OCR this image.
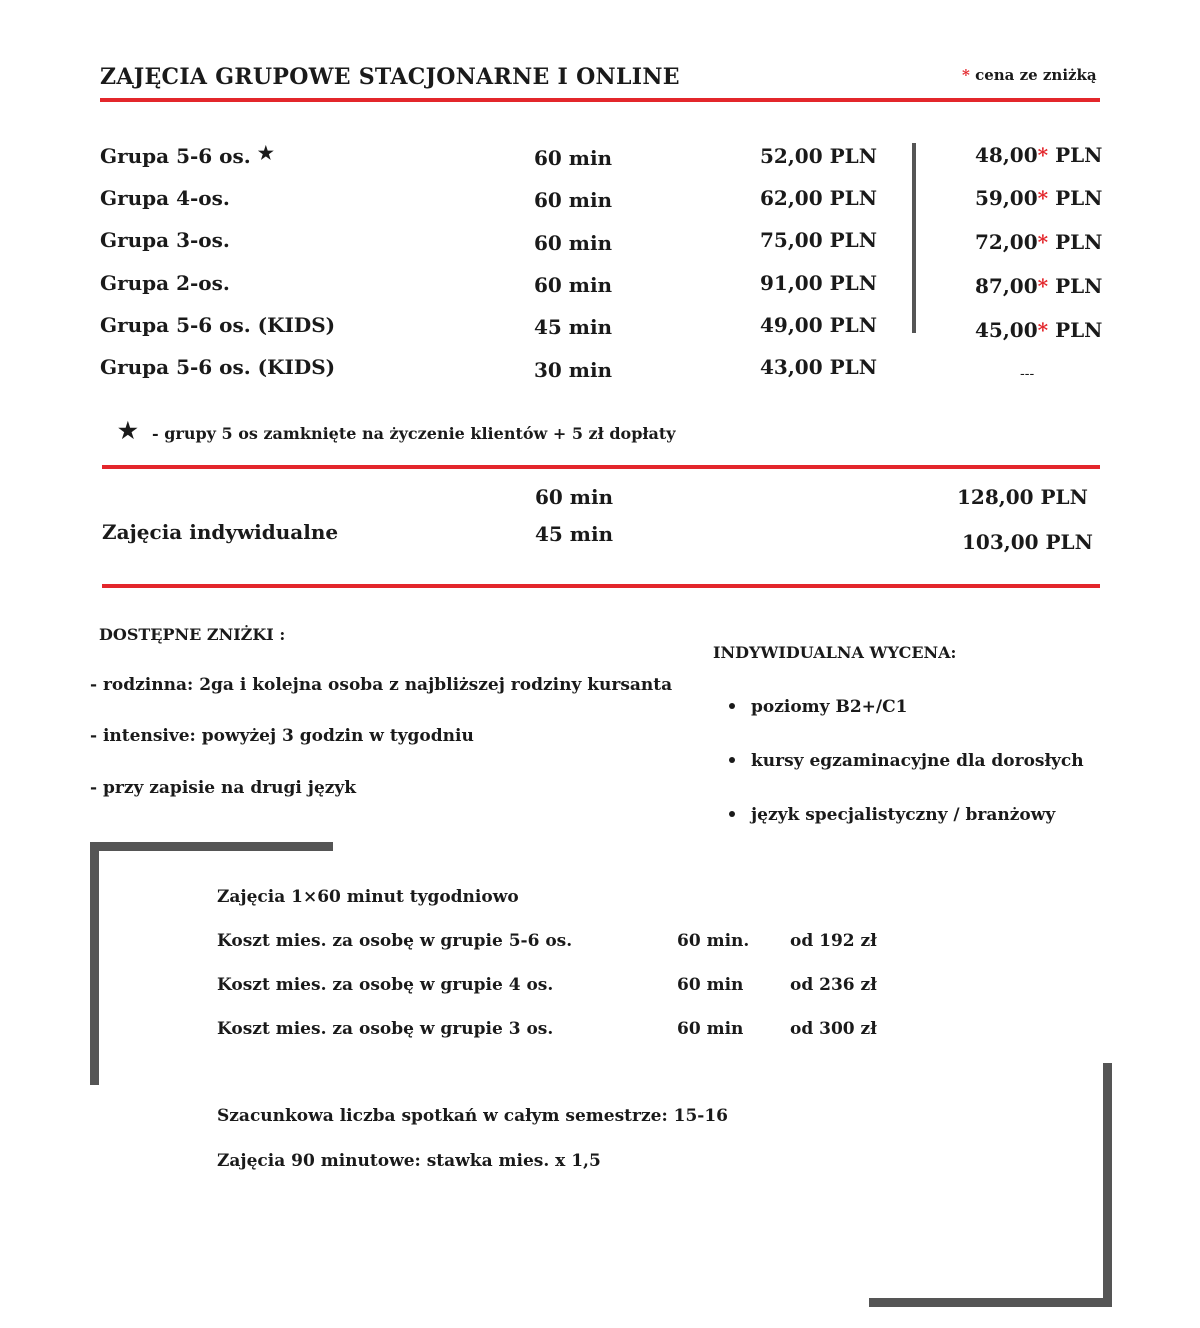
ZAJĘCIA GRUPOWE STACJONARNE I ONLINE	* cena ze zniżką
Grupa 5-6 os. ★	60 min	52,00 PLN	48,00* PLN
Grupa 4-os.	60 min	62,00 PLN	59,00* PLN
Grupa 3-os.	60 min	75,00 PLN	72,00* PLN
Grupa 2-os.	60 min	91,00 PLN	87,00* PLN
Grupa 5-6 os. (KIDS)	45 min	49,00 PLN	45,00* PLN
Grupa 5-6 os. (KIDS)	30 min	43,00 PLN	---
★ - grupy 5 os zamknięte na życzenie klientów + 5 zł dopłaty
Zajęcia indywidualne
60 min	128,00 PLN
45 min	103,00 PLN
DOSTĘPNE ZNIŻKI :
- rodzinna: 2ga i kolejna osoba z najbliższej rodziny kursanta
- intensive: powyżej 3 godzin w tygodniu
- przy zapisie na drugi język
INDYWIDUALNA WYCENA:
poziomy B2+/C1
kursy egzaminacyjne dla dorosłych
język specjalistyczny / branżowy
Zajęcia 1×60 minut tygodniowo
Koszt mies. za osobę w grupie 5-6 os.	60 min. od 192 zł
Koszt mies. za osobę w grupie 4 os.	60 min	od 236 zł
Koszt mies. za osobę w grupie 3 os.	60 min	od 300 zł
Szacunkowa liczba spotkań w całym semestrze: 15-16
Zajęcia 90 minutowe: stawka mies. x 1,5
